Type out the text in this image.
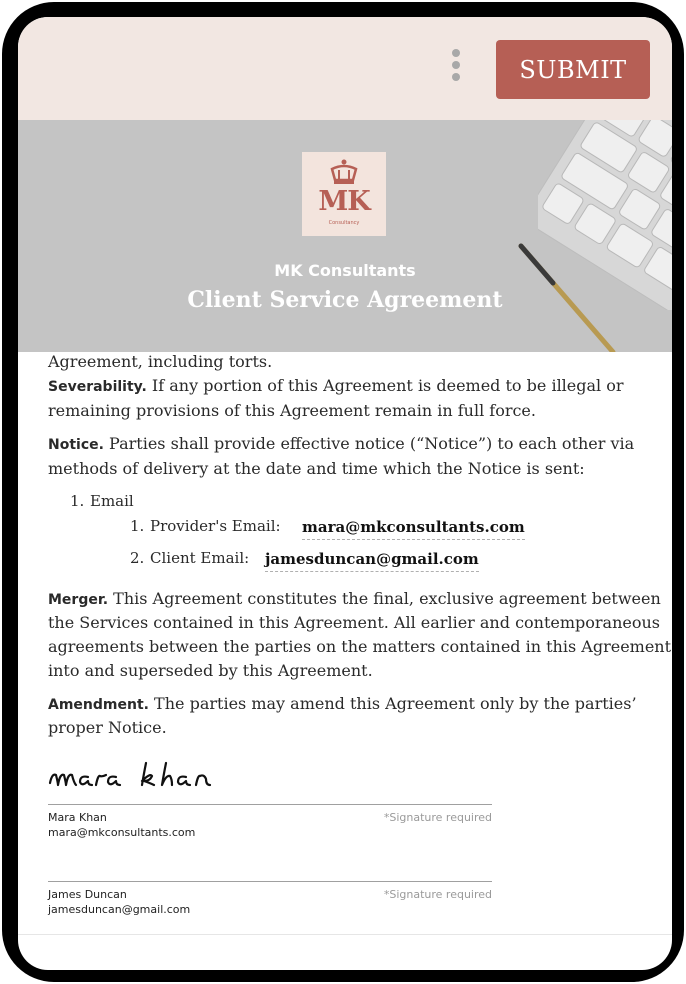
SUBMIT
MK
Consultancy
MK Consultants
Client Service Agreement
Agreement, including torts.
Severability. If any portion of this Agreement is deemed to be illegal or
remaining provisions of this Agreement remain in full force.
Notice. Parties shall provide effective notice (“Notice”) to each other via
methods of delivery at the date and time which the Notice is sent:
1. Email
1. Provider's Email: mara@mkconsultants.com
2. Client Email: jamesduncan@gmail.com
Merger. This Agreement constitutes the final, exclusive agreement between
the Services contained in this Agreement. All earlier and contemporaneous
agreements between the parties on the matters contained in this Agreement
into and superseded by this Agreement.
Amendment. The parties may amend this Agreement only by the parties’
proper Notice.
Mara Khan	*Signature required
mara@mkconsultants.com
James Duncan	*Signature required
jamesduncan@gmail.com
